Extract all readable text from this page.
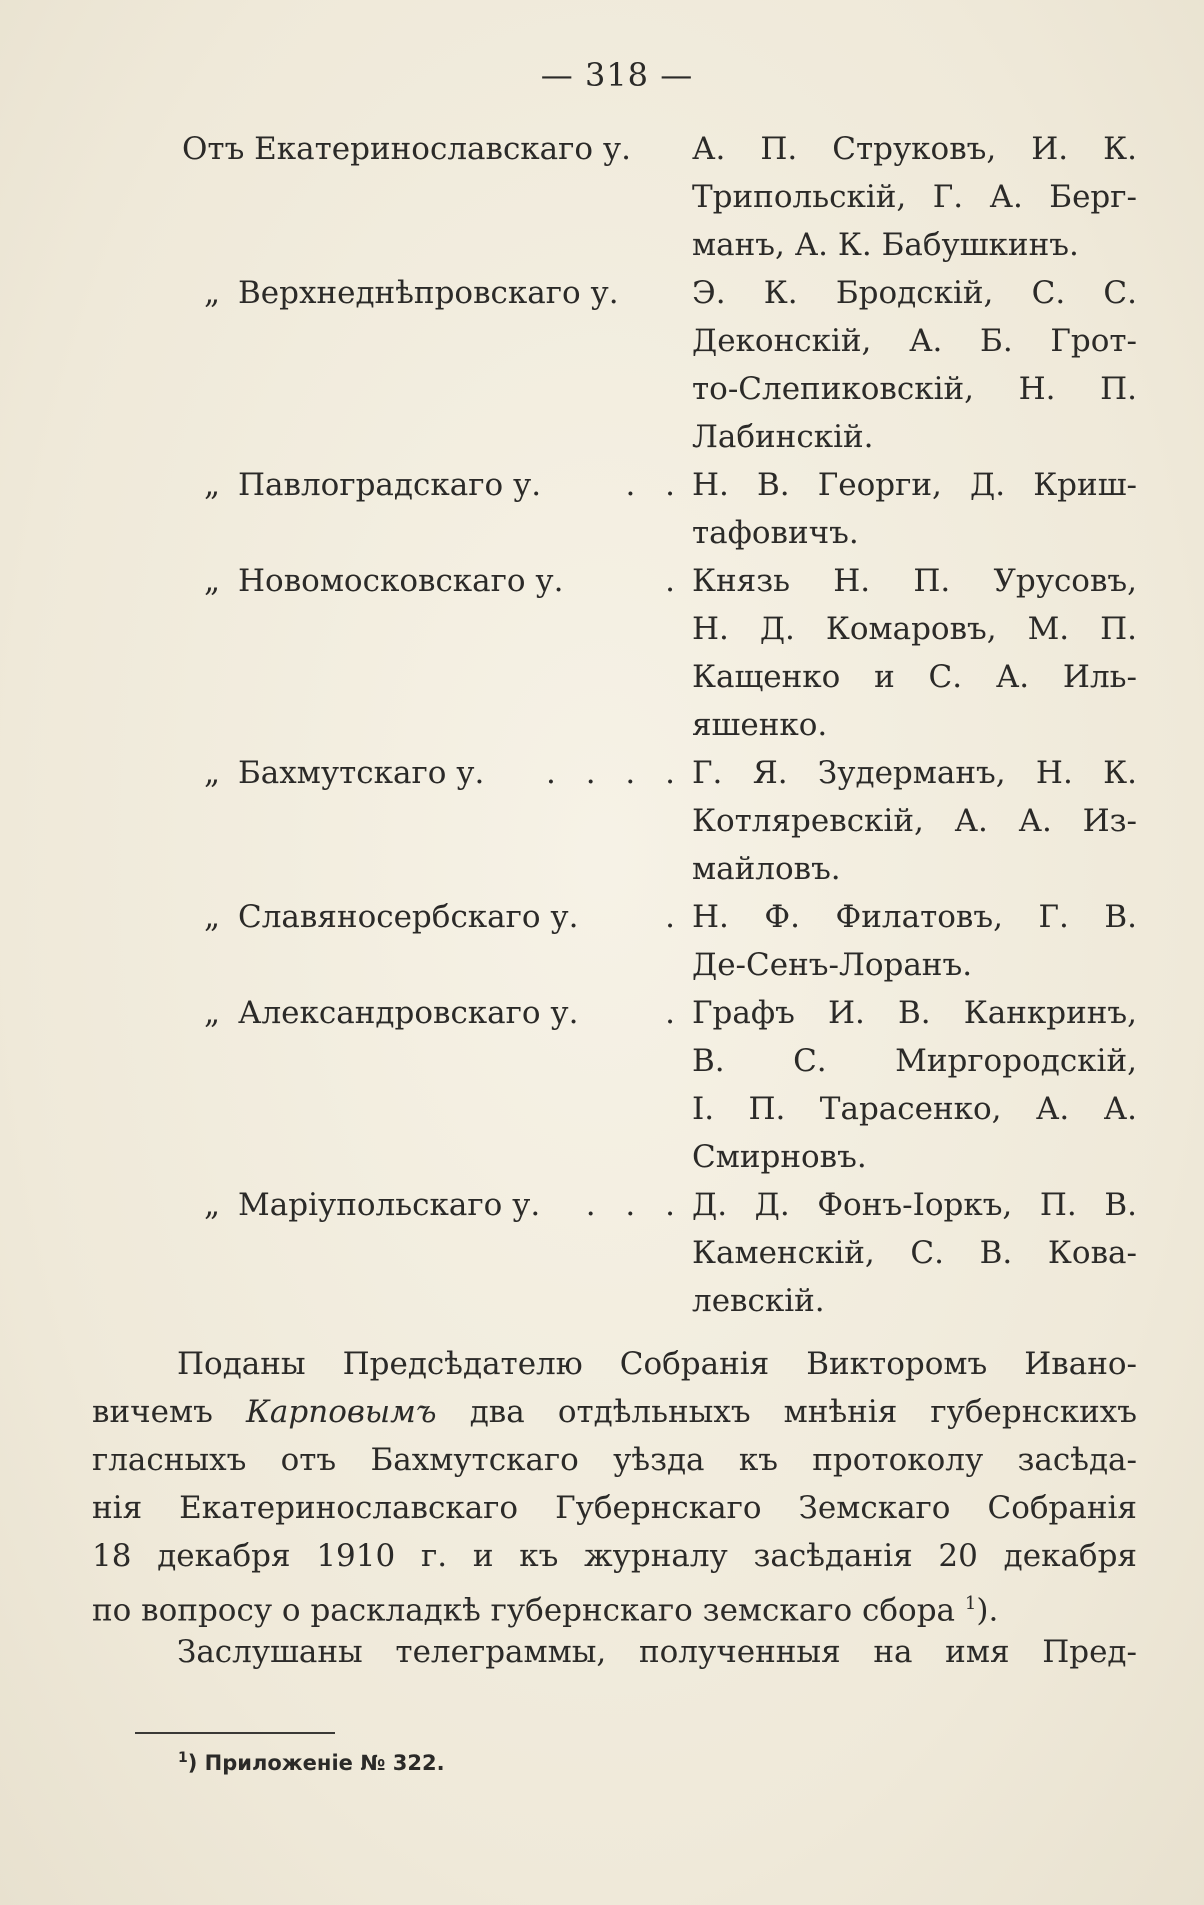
— 318 —
Отъ Екатеринославскаго у. А. П. Струковъ, И. К.
Трипольскій, Г. А. Берг-
манъ, А. К. Бабушкинъ.
„ Верхнеднѣпровскаго у. Э. К. Бродскій, С. С.
Деконскій, А. Б. Грот-
то-Слепиковскій, Н. П.
Лабинскій.
„ Павлоградскаго у.	. . Н. В. Георги, Д. Криш-
тафовичъ.
„ Новомосковскаго у.	. Князь Н. П. Урусовъ,
Н. Д. Комаровъ, М. П.
Кащенко и С. А. Иль-
яшенко.
„ Бахмутскаго у.	. . . . Г. Я. Зудерманъ, Н. К.
Котляревскій, А. А. Из-
майловъ.
„ Славяносербскаго у.	. Н. Ф. Филатовъ, Г. В.
Де-Сенъ-Лоранъ.
„ Александровскаго у.	. Графъ И. В. Канкринъ,
В. С. Миргородскій,
І. П. Тарасенко, А. А.
Смирновъ.
„ Маріупольскаго у.	. . . Д. Д. Фонъ-Іоркъ, П. В.
Каменскій, С. В. Кова-
левскій.
Поданы Предсѣдателю Собранія Викторомъ Ивано-
вичемъ Карповымъ два отдѣльныхъ мнѣнія губернскихъ
гласныхъ отъ Бахмутскаго уѣзда къ протоколу засѣда-
нія Екатеринославскаго Губернскаго Земскаго Собранія
18 декабря 1910 г. и къ журналу засѣданія 20 декабря
по вопросу о раскладкѣ губернскаго земскаго сбора $^1$).
Заслушаны телеграммы, полученныя на имя Пред-
$^1$) Приложеніе № 322.
